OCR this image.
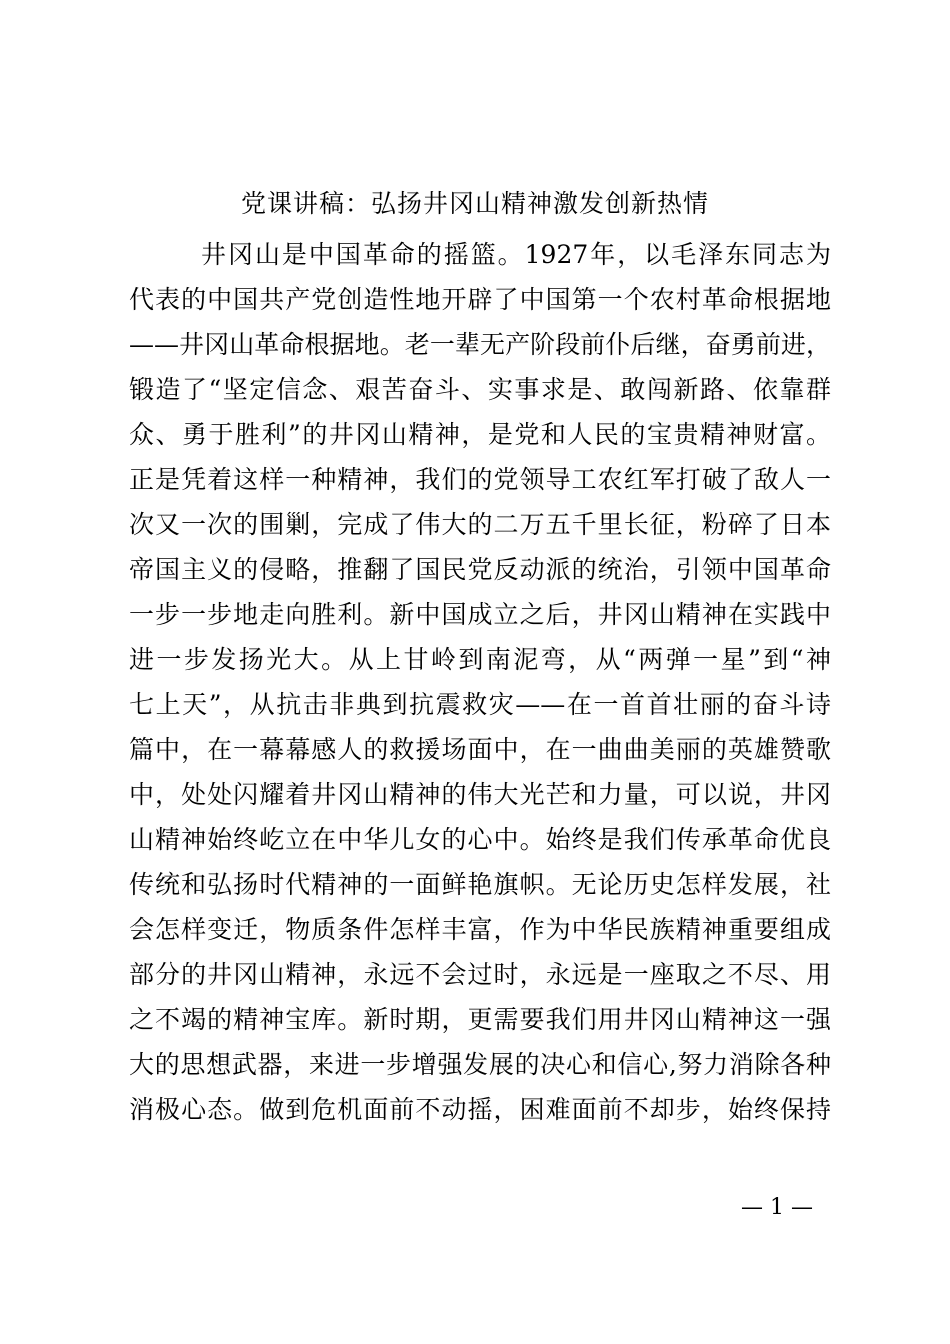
党课讲稿：弘扬井冈山精神激发创新热情
井冈山是中国革命的摇篮。1927年，以毛泽东同志为
代表的中国共产党创造性地开辟了中国第一个农村革命根据地
——井冈山革命根据地。老一辈无产阶段前仆后继，奋勇前进，
锻造了“坚定信念、艰苦奋斗、实事求是、敢闯新路、依靠群
众、勇于胜利”的井冈山精神，是党和人民的宝贵精神财富。
正是凭着这样一种精神，我们的党领导工农红军打破了敌人一
次又一次的围剿，完成了伟大的二万五千里长征，粉碎了日本
帝国主义的侵略，推翻了国民党反动派的统治，引领中国革命
一步一步地走向胜利。新中国成立之后，井冈山精神在实践中
进一步发扬光大。从上甘岭到南泥弯，从“两弹一星”到“神
七上天”，从抗击非典到抗震救灾——在一首首壮丽的奋斗诗
篇中，在一幕幕感人的救援场面中，在一曲曲美丽的英雄赞歌
中，处处闪耀着井冈山精神的伟大光芒和力量，可以说，井冈
山精神始终屹立在中华儿女的心中。始终是我们传承革命优良
传统和弘扬时代精神的一面鲜艳旗帜。无论历史怎样发展，社
会怎样变迁，物质条件怎样丰富，作为中华民族精神重要组成
部分的井冈山精神，永远不会过时，永远是一座取之不尽、用
之不竭的精神宝库。新时期，更需要我们用井冈山精神这一强
大的思想武器，来进一步增强发展的决心和信心,努力消除各种
消极心态。做到危机面前不动摇，困难面前不却步，始终保持
— 1 —
